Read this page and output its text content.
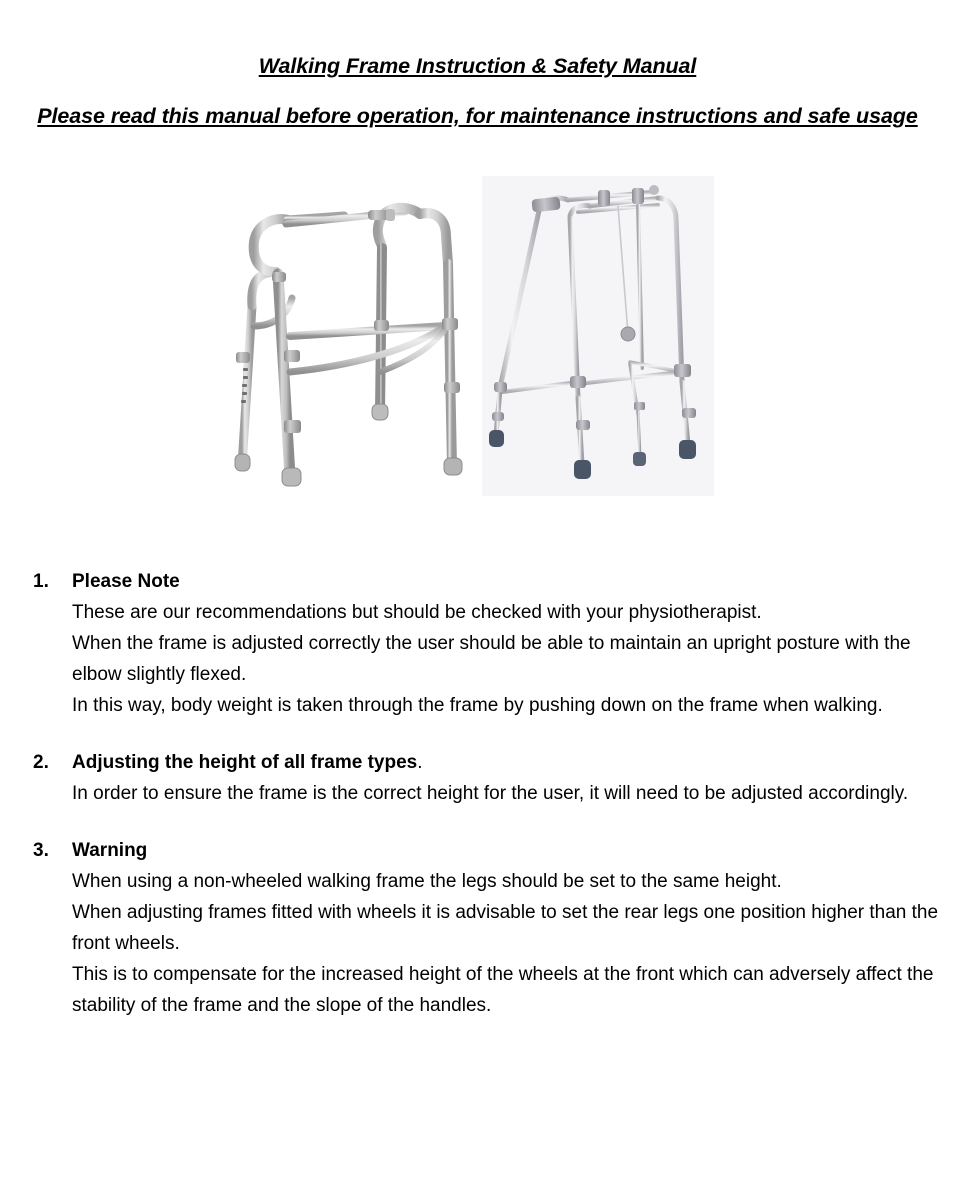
Walking Frame Instruction & Safety Manual
Please read this manual before operation, for maintenance instructions and safe usage
1. Please Note

These are our recommendations but should be checked with your physiotherapist.

When the frame is adjusted correctly the user should be able to maintain an upright posture with the elbow slightly flexed.

In this way, body weight is taken through the frame by pushing down on the frame when walking.

2. Adjusting the height of all frame types.

In order to ensure the frame is the correct height for the user, it will need to be adjusted accordingly.

3. Warning

When using a non-wheeled walking frame the legs should be set to the same height.

When adjusting frames fitted with wheels it is advisable to set the rear legs one position higher than the front wheels.

This is to compensate for the increased height of the wheels at the front which can adversely affect the stability of the frame and the slope of the handles.
